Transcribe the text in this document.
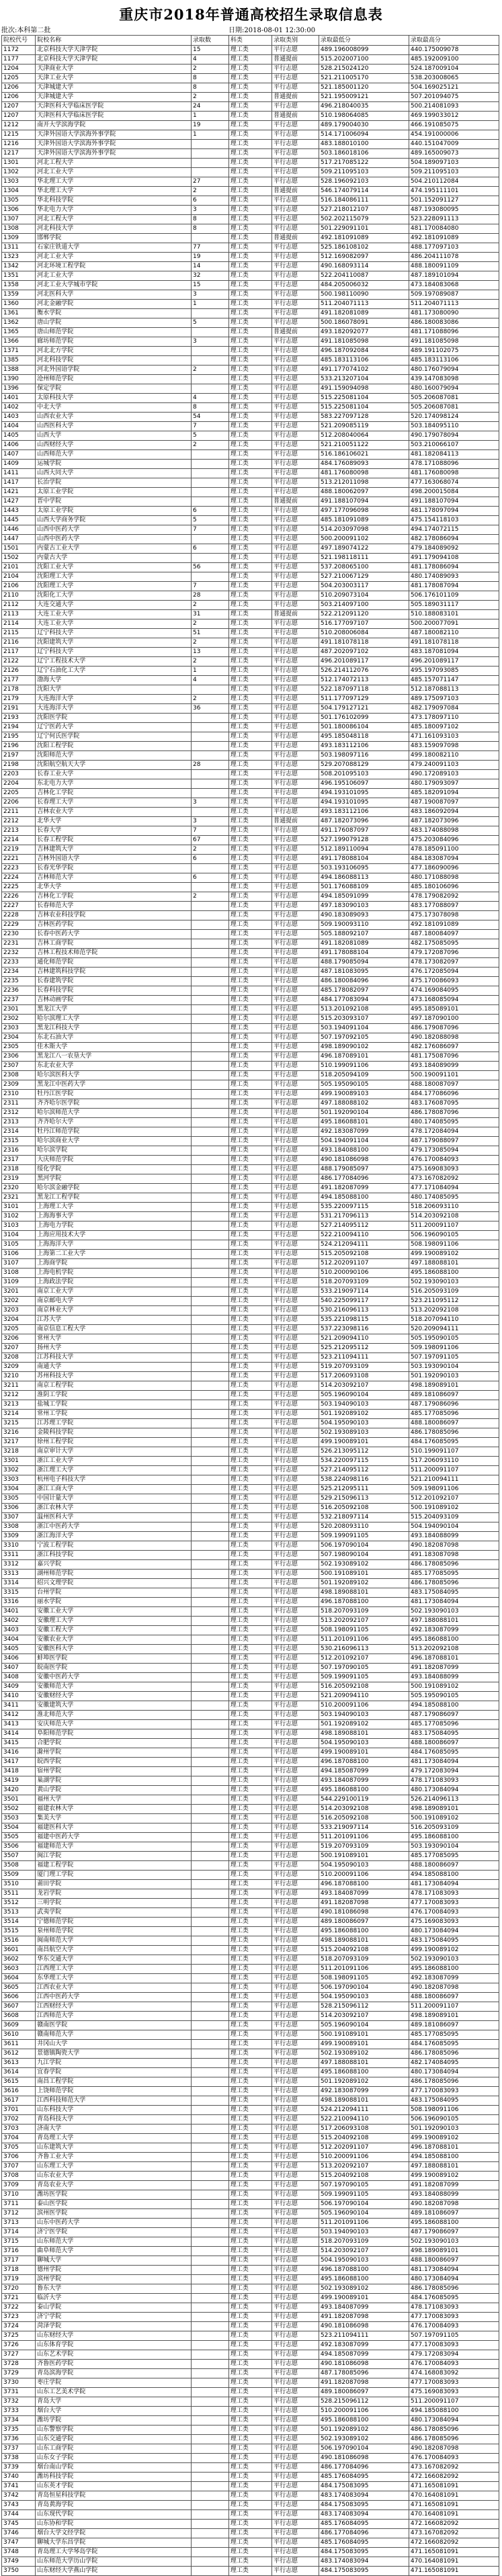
重庆市2018年普通高校招生录取信息表
批次:本科第二批	日期:2018-08-01 12:30:00
院校代号	院校名称	录取数	科类	录取类别	录取最低分	录取最高分
1172	北京科技大学天津学院	15	理工类	平行志愿	489.196008099	440.175009078
1177	北京科技大学天津学院	4	理工类	普通提前	515.202007100	485.192009100
1204	天津商业大学	2	理工类	平行志愿	528.215024120	524.187009104
1205	天津工业大学	8	理工类	平行志愿	521.211005170	538.203008065
1206	天津城建大学	8	理工类	平行志愿	521.185001120	504.169025121
1206	天津城建大学	2	理工类	普通提前	521.195009121	507.201094075
1207	天津医科大学临床医学院	24	理工类	平行志愿	496.218040035	500.214081093
1207	天津医科大学临床医学院	1	理工类	普通提前	510.198064085	469.199033012
1212	南开大学滨海学院	19	理工类	平行志愿	489.179004030	466.191085075
1215	天津外国语大学滨海外事学院	1	理工类	平行志愿	514.171006094	454.191000006
1216	天津外国语大学滨海外事学院		理工类	平行志愿	483.188010100	440.151047009
1217	天津外国语大学滨海外事学院		理工类	平行志愿	503.186018106	489.165009073
1301	河北工程大学		理工类	平行志愿	517.217085122	504.189097103
1302	河北工业大学		理工类	平行志愿	509.211095103	509.211095103
1303	华北理工大学	27	理工类	平行志愿	528.196092103	504.210112084
1304	华北理工大学	2	理工类	普通提前	546.174079114	474.195111101
1305	华北科技学院	6	理工类	平行志愿	516.184086111	501.152091127
1306	华北电力大学	3	理工类	平行志愿	527.218012107	487.193080095
1307	河北工程大学	8	理工类	平行志愿	502.202115079	523.228091113
1308	河北科技大学	8	理工类	平行志愿	501.229091101	481.170084080
1309	邯郸学院		理工类	普通提前	492.181091089	492.181091089
1311	石家庄铁道大学	77	理工类	平行志愿	525.186108102	488.177097103
1323	河北工业大学	19	理工类	平行志愿	512.169082097	486.204111078
1342	河北环境工程学院	14	理工类	平行志愿	490.168093114	488.180091109
1351	河北工业大学	32	理工类	平行志愿	522.204110087	487.189101094
1358	河北工业大学城市学院	15	理工类	平行志愿	484.205006032	473.184083068
1359	河北医科大学	3	理工类	平行志愿	500.198110090	509.197089087
1360	河北金融学院	1	理工类	平行志愿	511.204071113	511.204071113
1361	衡水学院		理工类	平行志愿	491.182081089	481.173080090
1362	唐山学院	5	理工类	平行志愿	500.186078091	486.180083086
1365	唐山师范学院		理工类	普通提前	493.182092077	481.171088096
1366	廊坊师范学院	3	理工类	平行志愿	491.181085098	491.181085098
1371	河北北方学院		理工类	平行志愿	496.187092084	489.191102075
1385	河北科技学院		理工类	平行志愿	485.183113106	485.183113106
1388	河北外国语学院	2	理工类	平行志愿	491.177074102	480.176079094
1390	沧州师范学院		理工类	平行志愿	533.213207104	439.147083098
1396	保定学院		理工类	平行志愿	491.159094098	480.160079094
1401	太原科技大学	4	理工类	平行志愿	515.225081104	505.206087081
1402	中北大学	8	理工类	平行志愿	515.225081104	505.206087081
1403	山西农业大学	54	理工类	平行志愿	583.227097128	520.174098124
1404	山西医科大学	7	理工类	平行志愿	521.209085119	503.184095110
1405	山西大学	5	理工类	平行志愿	512.208040064	490.179078094
1406	山西财经大学	2	理工类	平行志愿	521.210051122	503.210066107
1407	山西师范大学		理工类	平行志愿	516.186106021	481.182084113
1409	运城学院		理工类	平行志愿	484.176089093	478.171088096
1411	山西大同大学		理工类	平行志愿	481.176080098	481.176080098
1417	长治学院		理工类	平行志愿	513.212011098	477.163068074
1421	太原工业学院		理工类	平行志愿	488.180062097	498.200015084
1427	晋中学院		理工类	普通提前	491.188107094	491.188107094
1443	太原工业学院	6	理工类	平行志愿	497.177096098	481.178097094
1445	山西大学商务学院	5	理工类	平行志愿	485.181091089	475.154118103
1446	山西中医药大学	7	理工类	平行志愿	514.203097098	494.174072115
1447	山西中医药大学		理工类	平行志愿	500.200091102	482.178086094
1501	内蒙古工业大学	6	理工类	平行志愿	497.189074122	479.184089092
1502	内蒙古大学		理工类	平行志愿	521.198118111	491.179094108
2101	沈阳工业大学	56	理工类	平行志愿	537.208065100	481.178086094
2104	沈阳理工大学		理工类	平行志愿	527.210067129	480.174089093
2106	沈阳理工大学	7	理工类	平行志愿	504.203003117	481.178087094
2110	沈阳化工大学	28	理工类	平行志愿	510.209073104	506.176101109
2112	大连交通大学	2	理工类	平行志愿	503.214097100	505.189031117
2113	大连工业大学	31	理工类	普通提前	522.212091120	510.188083101
2114	大连工业大学	2	理工类	平行志愿	516.177097107	500.200077091
2115	辽宁科技大学	51	理工类	平行志愿	510.208006084	487.180082110
2116	沈阳建筑大学	2	理工类	平行志愿	491.181078118	491.181078118
2117	辽宁科技大学	13	理工类	平行志愿	487.202097102	483.187081094
2122	辽宁工程技术大学	2	理工类	平行志愿	496.201089117	496.201089117
2126	辽宁石油化工大学	1	理工类	平行志愿	526.214112076	495.197093085
2177	渤海大学	4	理工类	平行志愿	512.174072113	485.157071147
2178	沈阳大学		理工类	平行志愿	522.187097118	512.187088113
2179	大连海洋大学	2	理工类	平行志愿	511.177097129	489.175097103
2191	大连海洋大学	36	理工类	平行志愿	504.179127121	482.179097084
2193	沈阳医学院		理工类	平行志愿	501.176102099	473.178097110
2194	辽宁医药大学		理工类	平行志愿	501.180086104	485.180097102
2195	辽宁何氏医学院		理工类	平行志愿	495.185048118	471.161093103
2196	沈阳工程学院		理工类	平行志愿	493.183112106	483.159097098
2197	沈阳师范大学		理工类	平行志愿	503.198097116	499.180082110
2198	沈阳航空航天大学	28	理工类	平行志愿	529.207088129	479.240091103
2203	长春工业大学		理工类	平行志愿	508.201095103	490.172089103
2204	东北电力大学		理工类	平行志愿	496.195106097	480.179093097
2205	吉林化工学院		理工类	平行志愿	494.193101095	485.182091094
2206	长春理工大学	3	理工类	平行志愿	494.193101095	487.190087097
2211	吉林农业大学		理工类	平行志愿	493.183112106	483.186092094
2212	北华大学	3	理工类	普通提前	487.182073096	487.182073096
2213	长春大学	7	理工类	平行志愿	491.176087097	483.174088098
2214	长春工程学院	67	理工类	平行志愿	527.199079128	475.203084096
2219	吉林建筑大学	2	理工类	平行志愿	512.189110094	478.185091100
2221	吉林外国语大学	6	理工类	平行志愿	491.178088104	484.183087094
2223	长春光华学院		理工类	平行志愿	503.193106095	477.186090096
2224	吉林师范大学	6	理工类	平行志愿	494.186088113	480.171088098
2225	北华大学		理工类	平行志愿	501.176088109	485.180106096
2226	吉林化工学院	2	理工类	平行志愿	494.185091099	478.179082092
2227	长春师范大学		理工类	平行志愿	497.183090103	483.177088097
2228	吉林农业科技学院		理工类	平行志愿	490.183089093	475.173078098
2229	吉林医药学院		理工类	平行志愿	509.190093110	492.181091089
2230	长春中医药大学		理工类	平行志愿	505.188092107	487.180084097
2231	吉林工商学院		理工类	平行志愿	491.182081089	482.175085095
2232	吉林工程技术师范学院		理工类	平行志愿	491.178088104	479.172087096
2233	通化师范学院		理工类	平行志愿	488.179085094	478.173082097
2234	吉林建筑科技学院		理工类	平行志愿	487.181083095	476.172085094
2235	长春建筑学院		理工类	平行志愿	486.180084096	475.170086093
2236	长春科技学院		理工类	平行志愿	485.178082097	474.169084095
2237	吉林动画学院		理工类	平行志愿	484.177083094	473.168085094
2301	黑龙江大学		理工类	平行志愿	513.201092108	495.185089101
2302	哈尔滨理工大学		理工类	平行志愿	515.203093107	497.187090100
2303	黑龙江科技大学		理工类	平行志愿	503.194091104	486.179087096
2304	东北石油大学		理工类	平行志愿	507.197092105	490.182088098
2305	佳木斯大学		理工类	平行志愿	498.189090102	482.176086097
2306	黑龙江八一农垦大学		理工类	平行志愿	496.187089101	481.175087096
2307	东北农业大学		理工类	平行志愿	510.199091106	493.184089099
2308	哈尔滨医科大学		理工类	平行志愿	518.205094109	500.190091101
2309	黑龙江中医药大学		理工类	平行志愿	505.195090105	488.180087097
2310	牡丹江医学院		理工类	平行志愿	499.190089103	484.177086096
2311	齐齐哈尔医学院		理工类	平行志愿	497.188088102	483.176087095
2312	哈尔滨师范大学		理工类	平行志愿	501.192090104	486.178087096
2313	齐齐哈尔大学		理工类	平行志愿	495.186088101	480.174085095
2314	牡丹江师范学院		理工类	平行志愿	492.183087099	478.172084094
2315	哈尔滨商业大学		理工类	平行志愿	504.194091104	487.179088097
2316	哈尔滨学院		理工类	平行志愿	493.184088100	479.173085094
2317	大庆师范学院		理工类	平行志愿	490.181086098	476.170084093
2318	绥化学院		理工类	平行志愿	488.179085097	475.169083093
2319	黑河学院		理工类	平行志愿	486.177084096	473.167082092
2320	哈尔滨金融学院		理工类	平行志愿	491.182087099	477.171084094
2321	黑龙江工程学院		理工类	平行志愿	494.185088100	480.174085095
3101	上海理工大学		理工类	平行志愿	535.220097115	518.206093110
3102	上海海事大学		理工类	平行志愿	531.217096113	514.203092108
3103	上海电力学院		理工类	平行志愿	527.214095112	511.200091107
3104	上海应用技术大学		理工类	平行志愿	522.210094110	506.196090105
3105	上海海洋大学		理工类	平行志愿	524.212094111	508.198091106
3106	上海第二工业大学		理工类	平行志愿	515.205092108	499.190089102
3107	上海商学院		理工类	平行志愿	512.202091107	497.188088101
3108	上海电机学院		理工类	平行志愿	510.200090106	495.186088100
3109	上海政法学院		理工类	平行志愿	518.207093109	502.193090103
3201	南京工业大学		理工类	平行志愿	533.219097114	516.205093109
3202	南京邮电大学		理工类	平行志愿	540.225099117	523.211095112
3203	南京林业大学		理工类	平行志愿	530.216096113	513.202092108
3204	江苏大学		理工类	平行志愿	535.221098115	518.207094110
3205	南京信息工程大学		理工类	平行志愿	537.223098116	520.209094111
3206	常州大学		理工类	平行志愿	521.209094110	505.195090105
3207	扬州大学		理工类	平行志愿	525.212095112	509.198091106
3208	江苏科技大学		理工类	平行志愿	523.211094111	507.197091105
3209	南通大学		理工类	平行志愿	519.207093109	503.193090104
3210	苏州科技大学		理工类	平行志愿	517.206093108	501.192090103
3211	南京工程学院		理工类	平行志愿	514.203092107	498.189089101
3212	淮阴工学院		理工类	平行志愿	505.196090104	489.181086097
3213	盐城工学院		理工类	平行志愿	503.194090103	487.179086096
3214	常州工学院		理工类	平行志愿	501.192089102	485.177085096
3215	江苏理工学院		理工类	平行志愿	504.195090103	488.180086097
3216	金陵科技学院		理工类	平行志愿	502.193089103	486.178085096
3217	徐州工程学院		理工类	平行志愿	499.190089101	484.176085095
3218	南京审计大学		理工类	平行志愿	526.213095112	510.199091107
3301	浙江工业大学		理工类	平行志愿	534.220097115	517.206093110
3302	浙江理工大学		理工类	平行志愿	527.214095112	511.200091107
3303	杭州电子科技大学		理工类	平行志愿	538.224098116	521.210094111
3304	浙江工商大学		理工类	平行志愿	525.212095111	509.198091106
3305	中国计量大学		理工类	平行志愿	529.215096113	512.201092107
3306	浙江农林大学		理工类	平行志愿	516.205092108	500.191089102
3307	温州医科大学		理工类	平行志愿	532.218097114	515.204093109
3308	浙江中医药大学		理工类	平行志愿	520.208093110	504.194090104
3309	浙江海洋大学		理工类	平行志愿	509.199091105	493.184088099
3310	宁波工程学院		理工类	平行志愿	506.197090104	490.182087098
3311	浙江科技学院		理工类	平行志愿	507.198090104	491.183087098
3312	嘉兴学院		理工类	平行志愿	502.193089102	486.178085096
3313	湖州师范学院		理工类	平行志愿	500.191089101	485.177085095
3314	绍兴文理学院		理工类	平行志愿	501.192089102	486.178085096
3315	台州学院		理工类	平行志愿	498.189088101	483.175084095
3316	丽水学院		理工类	平行志愿	496.187088100	481.173084094
3401	安徽工业大学		理工类	平行志愿	518.207093109	502.193090103
3402	安徽理工大学		理工类	平行志愿	513.202092107	497.188088101
3403	安徽工程大学		理工类	平行志愿	508.198091105	492.183087099
3404	安徽农业大学		理工类	平行志愿	511.201091106	495.186088100
3405	安徽医科大学		理工类	平行志愿	530.216096113	513.202092108
3406	蚌埠医学院		理工类	平行志愿	512.201092107	496.187088101
3407	皖南医学院		理工类	平行志愿	507.197090105	491.182087099
3408	安徽中医药大学		理工类	平行志愿	509.199091105	493.184088099
3409	安徽师范大学		理工类	平行志愿	516.205092108	500.191089102
3410	安徽财经大学		理工类	平行志愿	521.209094110	505.195090105
3411	安徽建筑大学		理工类	平行志愿	510.200091106	494.185088100
3412	淮北师范大学		理工类	平行志愿	503.194090103	487.179086097
3413	安庆师范大学		理工类	平行志愿	501.192089102	485.177085096
3414	阜阳师范学院		理工类	平行志愿	498.189088101	483.175084095
3415	合肥学院		理工类	平行志愿	504.195090103	488.180086097
3416	滁州学院		理工类	平行志愿	499.190089101	484.176085095
3417	皖西学院		理工类	平行志愿	496.187088100	481.173084094
3418	宿州学院		理工类	平行志愿	494.185087099	479.172083094
3419	巢湖学院		理工类	平行志愿	493.184087099	478.171083093
3420	黄山学院		理工类	平行志愿	495.186088100	480.173084094
3501	福州大学		理工类	平行志愿	544.229100119	526.214096113
3502	福建农林大学		理工类	平行志愿	514.203092108	498.189089101
3503	集美大学		理工类	平行志愿	516.205092108	500.191089102
3504	福建医科大学		理工类	平行志愿	533.219097114	516.205093109
3505	福建中医药大学		理工类	平行志愿	511.201091106	495.186088100
3506	福建师范大学		理工类	平行志愿	519.207093109	503.193090104
3507	闽江学院		理工类	平行志愿	500.191089101	485.177085095
3508	福建工程学院		理工类	平行志愿	504.195090103	488.180086097
3509	厦门理工学院		理工类	平行志愿	510.200091106	494.185088100
3510	莆田学院		理工类	平行志愿	496.187088100	481.173084094
3511	龙岩学院		理工类	平行志愿	493.184087099	478.171083093
3512	三明学院		理工类	平行志愿	491.182087098	477.170083093
3513	武夷学院		理工类	平行志愿	490.181086098	476.170084093
3514	宁德师范学院		理工类	平行志愿	489.180086097	475.169083093
3515	泉州师范学院		理工类	平行志愿	495.186088100	480.173084094
3516	闽南师范大学		理工类	平行志愿	498.189088101	483.175084095
3601	南昌航空大学		理工类	平行志愿	515.204092108	499.190089102
3602	华东交通大学		理工类	平行志愿	518.207093109	502.193090103
3603	江西理工大学		理工类	平行志愿	511.201091106	495.186088100
3604	东华理工大学		理工类	平行志愿	508.198091105	492.183087099
3605	江西农业大学		理工类	平行志愿	506.197090104	490.182087098
3606	江西中医药大学		理工类	平行志愿	504.195090103	488.180086097
3607	江西财经大学		理工类	平行志愿	528.215096112	511.200091107
3608	江西师范大学		理工类	平行志愿	514.203092107	498.189089101
3609	赣南医学院		理工类	平行志愿	505.196090104	489.181086097
3610	赣南师范大学		理工类	平行志愿	500.191089101	485.177085095
3611	井冈山大学		理工类	平行志愿	499.190089101	484.176085095
3612	景德镇陶瓷大学		理工类	平行志愿	502.193089102	486.178085096
3613	九江学院		理工类	平行志愿	497.188088101	482.174084095
3614	宜春学院		理工类	平行志愿	495.186088100	480.173084094
3615	南昌工程学院		理工类	平行志愿	501.192089102	486.178085096
3616	上饶师范学院		理工类	平行志愿	492.183087099	477.170083093
3617	江西科技师范大学		理工类	平行志愿	498.189088101	483.175084095
3701	山东科技大学		理工类	平行志愿	524.212094111	508.198091106
3702	青岛科技大学		理工类	平行志愿	522.210094110	506.196090105
3703	济南大学		理工类	平行志愿	517.206093108	501.192090103
3704	青岛理工大学		理工类	平行志愿	515.204092108	499.190089102
3705	山东建筑大学		理工类	平行志愿	512.202091107	496.187088101
3706	齐鲁工业大学		理工类	平行志愿	510.200091106	494.185088100
3707	山东理工大学		理工类	平行志愿	513.202092107	497.188088101
3708	山东农业大学		理工类	平行志愿	515.204092108	499.190089102
3709	青岛农业大学		理工类	平行志愿	507.197090105	491.182087099
3710	潍坊医学院		理工类	平行志愿	509.199091105	493.184088099
3711	泰山医学院		理工类	平行志愿	506.197090104	490.182087098
3712	滨州医学院		理工类	平行志愿	505.196090104	489.181086097
3713	山东中医药大学		理工类	平行志愿	511.201091106	495.186088100
3714	济宁医学院		理工类	平行志愿	503.194090103	487.179086097
3715	山东师范大学		理工类	平行志愿	518.207093109	502.193090103
3716	曲阜师范大学		理工类	平行志愿	514.203092107	498.189089101
3717	聊城大学		理工类	平行志愿	504.195090103	488.180086097
3718	德州学院		理工类	平行志愿	496.187088100	481.173084094
3719	滨州学院		理工类	平行志愿	495.186088100	480.173084094
3720	鲁东大学		理工类	平行志愿	502.193089102	486.178085096
3721	临沂大学		理工类	平行志愿	499.190089101	484.176085095
3722	泰山学院		理工类	平行志愿	493.184087099	478.171083093
3723	济宁学院		理工类	平行志愿	491.182087098	477.170083093
3724	菏泽学院		理工类	平行志愿	490.181086098	476.170084093
3725	山东财经大学		理工类	平行志愿	523.211094111	507.197091105
3726	山东体育学院		理工类	平行志愿	492.183087099	477.170083093
3727	山东艺术学院		理工类	平行志愿	494.185087099	479.172083094
3728	齐鲁医药学院		理工类	平行志愿	490.181086098	476.170084093
3729	青岛滨海学院		理工类	平行志愿	487.178085096	474.168083092
3730	枣庄学院		理工类	平行志愿	491.182087098	477.170083093
3731	山东工艺美术学院		理工类	平行志愿	489.180086097	475.169083093
3732	青岛大学		理工类	平行志愿	528.215096112	511.200091107
3733	烟台大学		理工类	平行志愿	510.200091106	494.185088100
3734	潍坊学院		理工类	平行志愿	495.186088100	480.173084094
3735	山东警察学院		理工类	平行志愿	501.192089102	486.178085096
3736	山东交通学院		理工类	平行志愿	502.193089102	486.178085096
3737	山东工商学院		理工类	平行志愿	506.197090104	490.182087098
3738	山东女子学院		理工类	平行志愿	490.181086098	476.170084093
3739	烟台南山学院		理工类	平行志愿	486.177084096	473.167082092
3740	潍坊科技学院		理工类	平行志愿	485.176084095	472.166082092
3741	山东英才学院		理工类	平行志愿	484.175083095	471.165081091
3742	青岛恒星科技学院		理工类	平行志愿	483.174083094	470.164081091
3743	青岛黄海学院		理工类	平行志愿	484.175083095	471.165081091
3744	山东现代学院		理工类	平行志愿	483.174083094	470.164081091
3745	山东协和学院		理工类	平行志愿	485.176084095	472.166082092
3746	烟台大学文经学院		理工类	平行志愿	486.177084096	473.167082092
3747	聊城大学东昌学院		理工类	平行志愿	485.176084095	472.166082092
3748	青岛理工大学琴岛学院		理工类	平行志愿	484.175083095	471.165081091
3749	山东师范大学历山学院		理工类	平行志愿	483.174083094	470.164081091
3750	山东财经大学燕山学院		理工类	平行志愿	484.175083095	471.165081091
